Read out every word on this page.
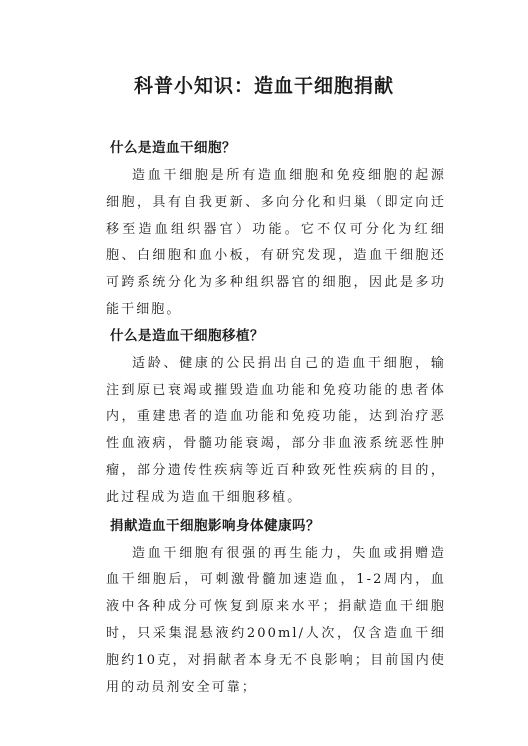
科普小知识：造血干细胞捐献
什么是造血干细胞？

造血干细胞是所有造血细胞和免疫细胞的起源细胞，具有自我更新、多向分化和归巢（即定向迁移至造血组织器官）功能。它不仅可分化为红细胞、白细胞和血小板，有研究发现，造血干细胞还可跨系统分化为多种组织器官的细胞，因此是多功能干细胞。

什么是造血干细胞移植？

适龄、健康的公民捐出自己的造血干细胞，输注到原已衰竭或摧毁造血功能和免疫功能的患者体内，重建患者的造血功能和免疫功能，达到治疗恶性血液病，骨髓功能衰竭，部分非血液系统恶性肿瘤，部分遗传性疾病等近百种致死性疾病的目的，此过程成为造血干细胞移植。

捐献造血干细胞影响身体健康吗？

造血干细胞有很强的再生能力，失血或捐赠造血干细胞后，可刺激骨髓加速造血，1-2周内，血液中各种成分可恢复到原来水平；捐献造血干细胞时，只采集混悬液约200ml/人次，仅含造血干细胞约10克，对捐献者本身无不良影响；目前国内使用的动员剂安全可靠；
